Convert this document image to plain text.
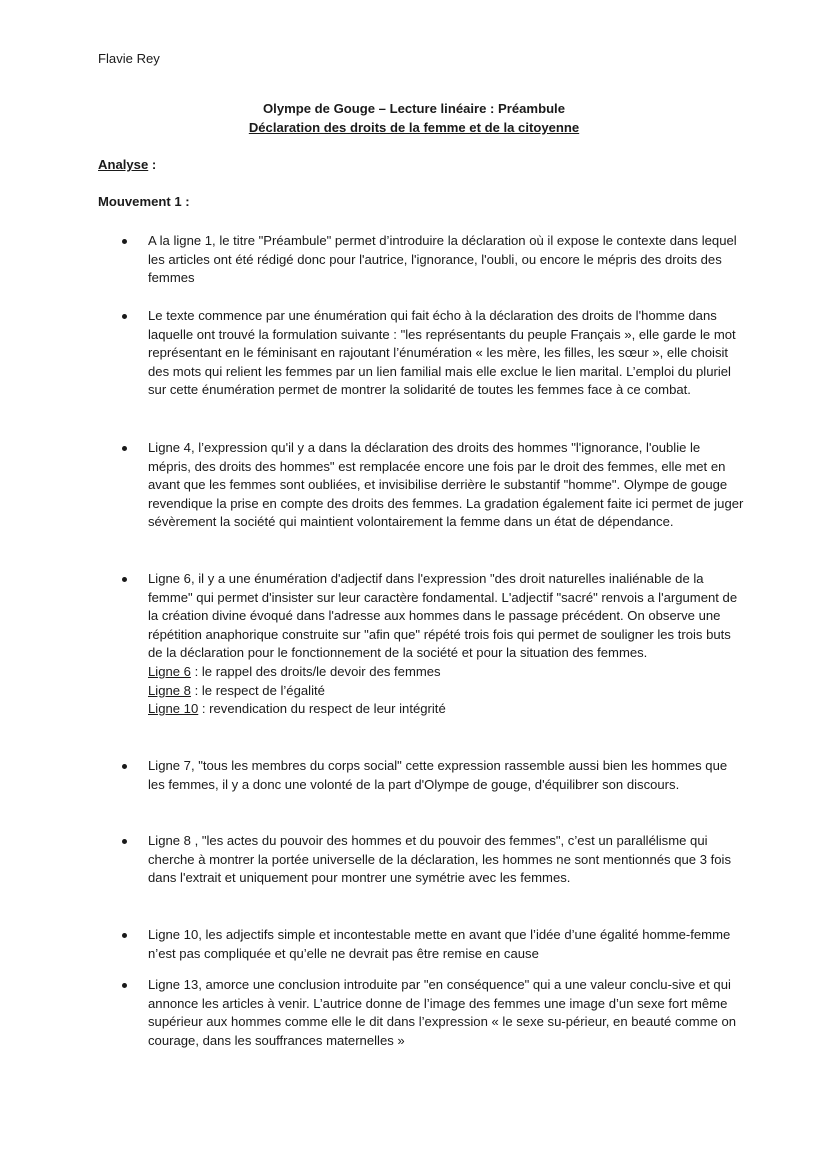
Flavie Rey
Olympe de Gouge – Lecture linéaire : Préambule
Déclaration des droits de la femme et de la citoyenne
Analyse :
Mouvement 1 :

A la ligne 1, le titre "Préambule" permet d’introduire la déclaration où il expose le contexte dans lequel les articles ont été rédigé donc pour l'autrice, l'ignorance, l'oubli, ou encore le mépris des droits des femmes

Le texte commence par une énumération qui fait écho à la déclaration des droits de l'homme dans laquelle ont trouvé la formulation suivante : "les représentants du peuple Français », elle garde le mot représentant en le féminisant en rajoutant l’énumération « les mère, les filles, les sœur », elle choisit des mots qui relient les femmes par un lien familial mais elle exclue le lien marital. L’emploi du pluriel sur cette énumération permet de montrer la solidarité de toutes les femmes face à ce combat.

Ligne 4, l’expression qu'il y a dans la déclaration des droits des hommes "l'ignorance, l'oublie le mépris, des droits des hommes" est remplacée encore une fois par le droit des femmes, elle met en avant que les femmes sont oubliées, et invisibilise derrière le substantif "homme". Olympe de gouge revendique la prise en compte des droits des femmes. La gradation également faite ici permet de juger sévèrement la société qui maintient volontairement la femme dans un état de dépendance.

Ligne 6, il y a une énumération d'adjectif dans l'expression "des droit naturelles inaliénable de la femme" qui permet d'insister sur leur caractère fondamental. L'adjectif "sacré" renvois a l'argument de la création divine évoqué dans l'adresse aux hommes dans le passage précédent. On observe une répétition anaphorique construite sur "afin que" répété trois fois qui permet de souligner les trois buts de la déclaration pour le fonctionnement de la société et pour la situation des femmes.

Ligne 6 : le rappel des droits/le devoir des femmes
Ligne 8 : le respect de l’égalité
Ligne 10 : revendication du respect de leur intégrité

Ligne 7, "tous les membres du corps social" cette expression rassemble aussi bien les hommes que les femmes, il y a donc une volonté de la part d'Olympe de gouge, d'équilibrer son discours.

Ligne 8 , "les actes du pouvoir des hommes et du pouvoir des femmes", c’est un parallélisme qui cherche à montrer la portée universelle de la déclaration, les hommes ne sont mentionnés que 3 fois dans l'extrait et uniquement pour montrer une symétrie avec les femmes.

Ligne 10, les adjectifs simple et incontestable mette en avant que l’idée d’une égalité homme-femme n’est pas compliquée et qu’elle ne devrait pas être remise en cause

Ligne 13, amorce une conclusion introduite par "en conséquence" qui a une valeur conclu-sive et qui annonce les articles à venir. L’autrice donne de l’image des femmes une image d’un sexe fort même supérieur aux hommes comme elle le dit dans l’expression « le sexe su-périeur, en beauté comme on courage, dans les souffrances maternelles »
